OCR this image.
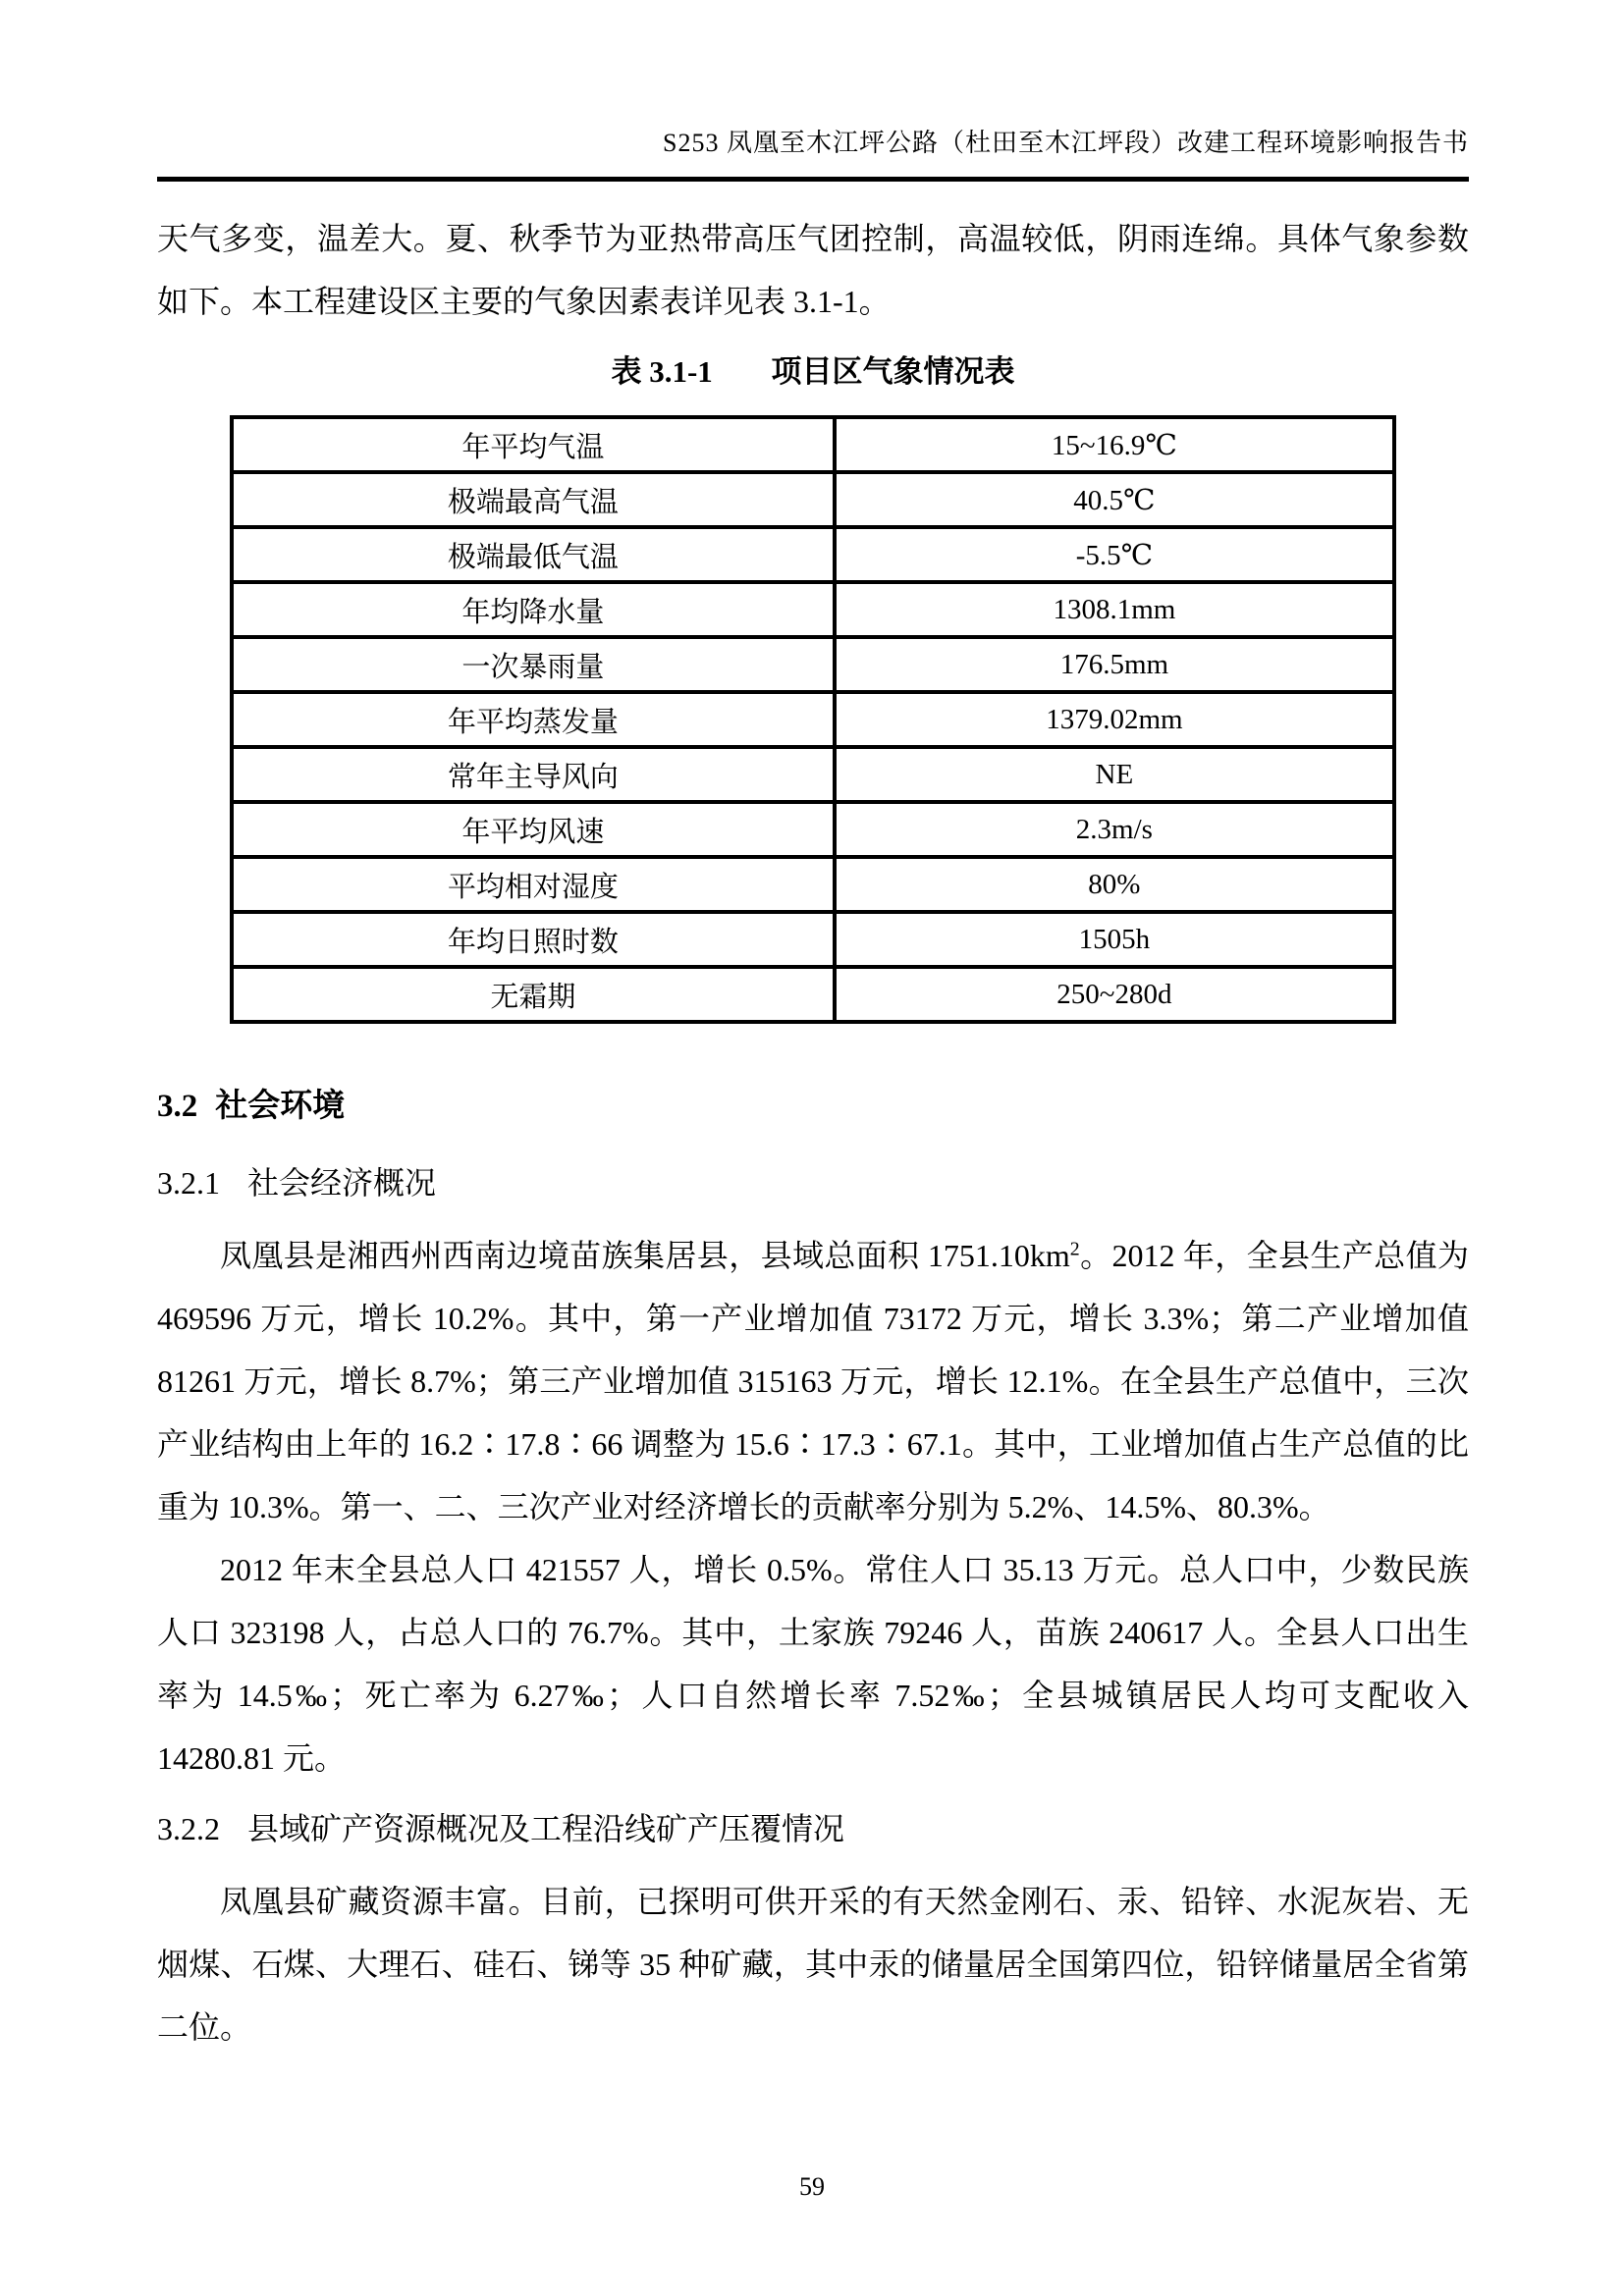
S253 凤凰至木江坪公路（杜田至木江坪段）改建工程环境影响报告书

天气多变，温差大。夏、秋季节为亚热带高压气团控制，高温较低，阴雨连绵。具体气象参数如下。本工程建设区主要的气象因素表详见表 3.1-1。

表 3.1-1 项目区气象情况表
年平均气温	15~16.9℃
极端最高气温	40.5℃
极端最低气温	-5.5℃
年均降水量	1308.1mm
一次暴雨量	176.5mm
年平均蒸发量	1379.02mm
常年主导风向	NE
年平均风速	2.3m/s
平均相对湿度	80%
年均日照时数	1505h
无霜期	250~280d
3.2 社会环境
3.2.1 社会经济概况

凤凰县是湘西州西南边境苗族集居县，县域总面积 $1751.10km^2$。2012 年，全县生产总值为 469596 万元，增长 10.2%。其中，第一产业增加值 73172 万元，增长 3.3%；第二产业增加值 81261 万元，增长 8.7%；第三产业增加值 315163 万元，增长 12.1%。在全县生产总值中，三次产业结构由上年的 16.2∶17.8∶66 调整为 15.6∶17.3∶67.1。其中，工业增加值占生产总值的比重为 10.3%。第一、二、三次产业对经济增长的贡献率分别为 5.2%、14.5%、80.3%。

2012 年末全县总人口 421557 人，增长 0.5%。常住人口 35.13 万元。总人口中，少数民族人口 323198 人，占总人口的 76.7%。其中，土家族 79246 人，苗族 240617 人。全县人口出生率为 14.5‰；死亡率为 6.27‰；人口自然增长率 7.52‰；全县城镇居民人均可支配收入 14280.81 元。

3.2.2 县域矿产资源概况及工程沿线矿产压覆情况

凤凰县矿藏资源丰富。目前，已探明可供开采的有天然金刚石、汞、铅锌、水泥灰岩、无烟煤、石煤、大理石、硅石、锑等 35 种矿藏，其中汞的储量居全国第四位，铅锌储量居全省第二位。

59
